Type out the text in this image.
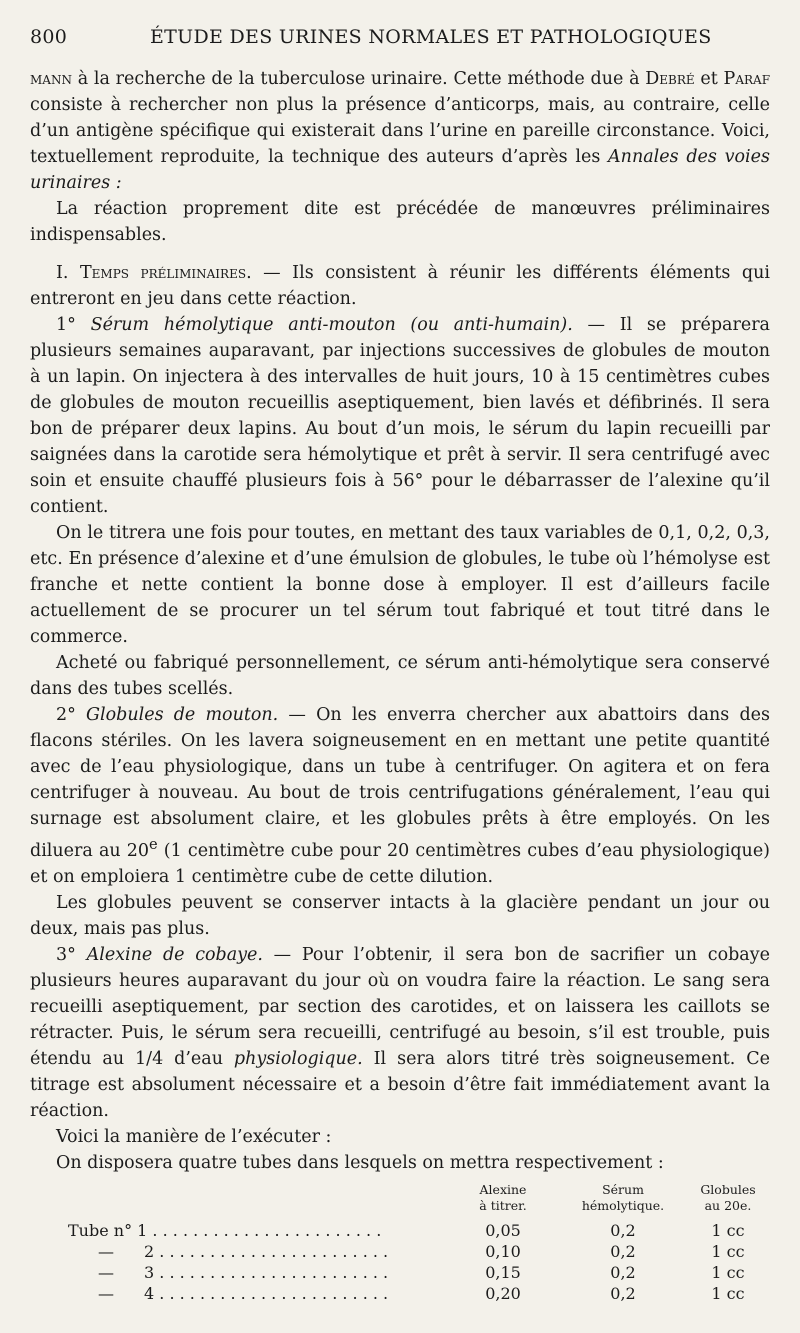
800	ÉTUDE DES URINES NORMALES ET PATHOLOGIQUES

mann à la recherche de la tuberculose urinaire. Cette méthode due à Debré et Paraf consiste à rechercher non plus la présence d’anticorps, mais, au contraire, celle d’un antigène spécifique qui existerait dans l’urine en pareille circonstance. Voici, textuellement reproduite, la technique des auteurs d’après les Annales des voies urinaires :

La réaction proprement dite est précédée de manœuvres préliminaires indispensables.

I. Temps préliminaires. — Ils consistent à réunir les différents éléments qui entreront en jeu dans cette réaction.

1° Sérum hémolytique anti-mouton (ou anti-humain). — Il se préparera plusieurs semaines auparavant, par injections successives de globules de mouton à un lapin. On injectera à des intervalles de huit jours, 10 à 15 centimètres cubes de globules de mouton recueillis aseptiquement, bien lavés et défibrinés. Il sera bon de préparer deux lapins. Au bout d’un mois, le sérum du lapin recueilli par saignées dans la carotide sera hémolytique et prêt à servir. Il sera centrifugé avec soin et ensuite chauffé plusieurs fois à 56° pour le débarrasser de l’alexine qu’il contient.

On le titrera une fois pour toutes, en mettant des taux variables de 0,1, 0,2, 0,3, etc. En présence d’alexine et d’une émulsion de globules, le tube où l’hémolyse est franche et nette contient la bonne dose à employer. Il est d’ailleurs facile actuellement de se procurer un tel sérum tout fabriqué et tout titré dans le commerce.

Acheté ou fabriqué personnellement, ce sérum anti-hémolytique sera conservé dans des tubes scellés.

2° Globules de mouton. — On les enverra chercher aux abattoirs dans des flacons stériles. On les lavera soigneusement en en mettant une petite quantité avec de l’eau physiologique, dans un tube à centrifuger. On agitera et on fera centrifuger à nouveau. Au bout de trois centrifugations généralement, l’eau qui surnage est absolument claire, et les globules prêts à être employés. On les diluera au 20e (1 centimètre cube pour 20 centimètres cubes d’eau physiologique) et on emploiera 1 centimètre cube de cette dilution.

Les globules peuvent se conserver intacts à la glacière pendant un jour ou deux, mais pas plus.

3° Alexine de cobaye. — Pour l’obtenir, il sera bon de sacrifier un cobaye plusieurs heures auparavant du jour où on voudra faire la réaction. Le sang sera recueilli aseptiquement, par section des carotides, et on laissera les caillots se rétracter. Puis, le sérum sera recueilli, centrifugé au besoin, s’il est trouble, puis étendu au 1/4 d’eau physiologique. Il sera alors titré très soigneusement. Ce titrage est absolument nécessaire et a besoin d’être fait immédiatement avant la réaction.

Voici la manière de l’exécuter :

On disposera quatre tubes dans lesquels on mettra respectivement :

	Alexine
à titrer.	Sérum
hémolytique.	Globules
au 20e.
Tube n° 1 . . . . . . . . . . . . . . . . . . . . . . .	0,05	0,2	1 cc
— 2 . . . . . . . . . . . . . . . . . . . . . . .	0,10	0,2	1 cc
— 3 . . . . . . . . . . . . . . . . . . . . . . .	0,15	0,2	1 cc
— 4 . . . . . . . . . . . . . . . . . . . . . . .	0,20	0,2	1 cc
